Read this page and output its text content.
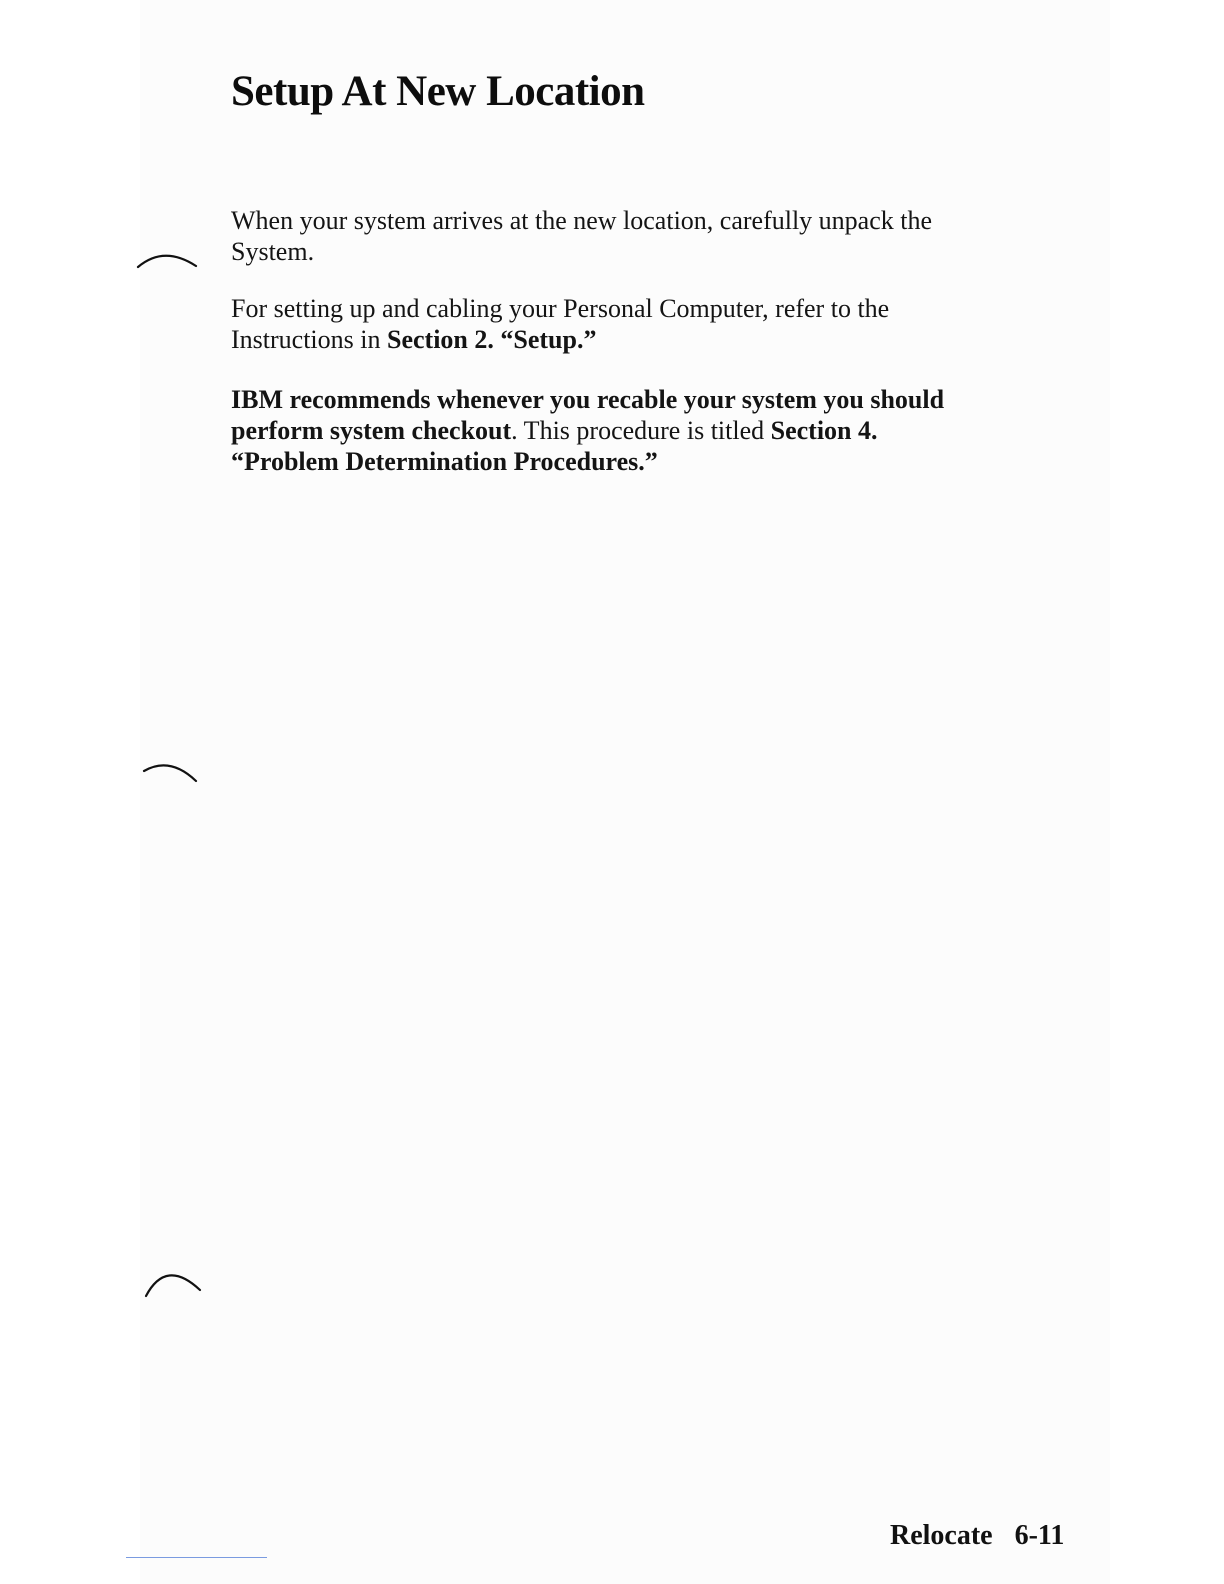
Setup At New Location

When your system arrives at the new location, carefully unpack the
System.

For setting up and cabling your Personal Computer, refer to the
Instructions in Section 2. “Setup.”

IBM recommends whenever you recable your system you should
perform system checkout. This procedure is titled Section 4.
“Problem Determination Procedures.”

Relocate 6-11
